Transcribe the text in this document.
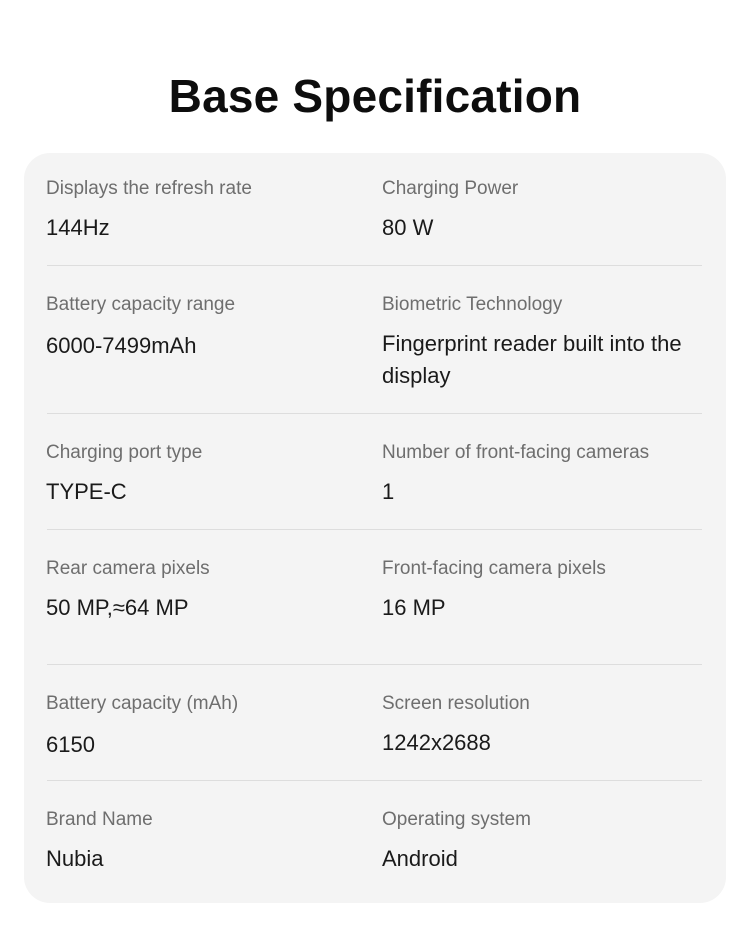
Base Specification
Displays the refresh rate
144Hz
Charging Power
80 W
Battery capacity range
6000-7499mAh
Biometric Technology
Fingerprint reader built into the display
Charging port type
TYPE-C
Number of front-facing cameras
1
Rear camera pixels
50 MP,≈64 MP
Front-facing camera pixels
16 MP
Battery capacity (mAh)
6150
Screen resolution
1242x2688
Brand Name
Nubia
Operating system
Android
